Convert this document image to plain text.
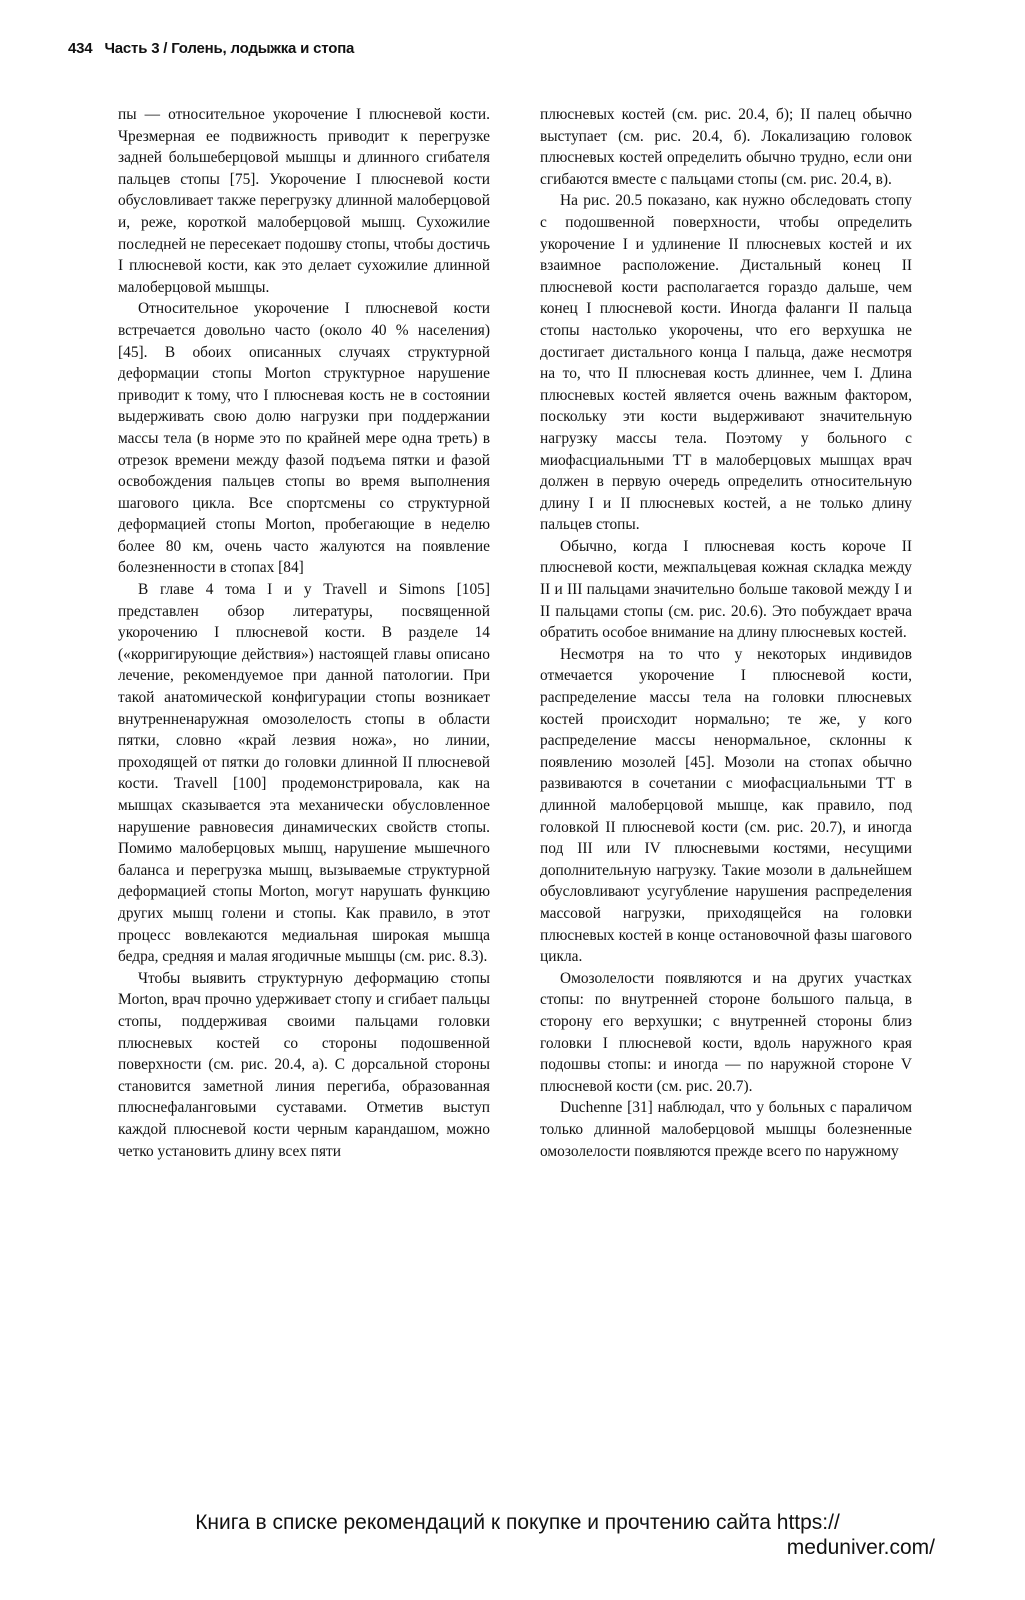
434 Часть 3 / Голень, лодыжка и стопа

пы — относительное укорочение I плюсневой кости. Чрезмерная ее подвижность приводит к перегрузке задней большеберцовой мышцы и длинного сгибателя пальцев стопы [75]. Укорочение I плюсневой кости обусловливает также перегрузку длинной малоберцовой и, реже, короткой малоберцовой мышц. Сухожилие последней не пересекает подошву стопы, чтобы достичь I плюсневой кости, как это делает сухожилие длинной малоберцовой мышцы.

Относительное укорочение I плюсневой кости встречается довольно часто (около 40 % населения) [45]. В обоих описанных случаях структурной деформации стопы Morton структурное нарушение приводит к тому, что I плюсневая кость не в состоянии выдерживать свою долю нагрузки при поддержании массы тела (в норме это по крайней мере одна треть) в отрезок времени между фазой подъема пятки и фазой освобождения пальцев стопы во время выполнения шагового цикла. Все спортсмены со структурной деформацией стопы Morton, пробегающие в неделю более 80 км, очень часто жалуются на появление болезненности в стопах [84]

В главе 4 тома I и у Travell и Simons [105] представлен обзор литературы, посвященной укорочению I плюсневой кости. В разделе 14 («корригирующие действия») настоящей главы описано лечение, рекомендуемое при данной патологии. При такой анатомической конфигурации стопы возникает внутренненаружная омозолелость стопы в области пятки, словно «край лезвия ножа», но линии, проходящей от пятки до головки длинной II плюсневой кости. Travell [100] продемонстрировала, как на мышцах сказывается эта механически обусловленное нарушение равновесия динамических свойств стопы. Помимо малоберцовых мышц, нарушение мышечного баланса и перегрузка мышц, вызываемые структурной деформацией стопы Morton, могут нарушать функцию других мышц голени и стопы. Как правило, в этот процесс вовлекаются медиальная широкая мышца бедра, средняя и малая ягодичные мышцы (см. рис. 8.3).

Чтобы выявить структурную деформацию стопы Morton, врач прочно удерживает стопу и сгибает пальцы стопы, поддерживая своими пальцами головки плюсневых костей со стороны подошвенной поверхности (см. рис. 20.4, а). С дорсальной стороны становится заметной линия перегиба, образованная плюснефаланговыми суставами. Отметив выступ каждой плюсневой кости черным карандашом, можно четко установить длину всех пяти

плюсневых костей (см. рис. 20.4, б); II палец обычно выступает (см. рис. 20.4, б). Локализацию головок плюсневых костей определить обычно трудно, если они сгибаются вместе с пальцами стопы (см. рис. 20.4, в).

На рис. 20.5 показано, как нужно обследовать стопу с подошвенной поверхности, чтобы определить укорочение I и удлинение II плюсневых костей и их взаимное расположение. Дистальный конец II плюсневой кости располагается гораздо дальше, чем конец I плюсневой кости. Иногда фаланги II пальца стопы настолько укорочены, что его верхушка не достигает дистального конца I пальца, даже несмотря на то, что II плюсневая кость длиннее, чем I. Длина плюсневых костей является очень важным фактором, поскольку эти кости выдерживают значительную нагрузку массы тела. Поэтому у больного с миофасциальными ТТ в малоберцовых мышцах врач должен в первую очередь определить относительную длину I и II плюсневых костей, а не только длину пальцев стопы.

Обычно, когда I плюсневая кость короче II плюсневой кости, межпальцевая кожная складка между II и III пальцами значительно больше таковой между I и II пальцами стопы (см. рис. 20.6). Это побуждает врача обратить особое внимание на длину плюсневых костей.

Несмотря на то что у некоторых индивидов отмечается укорочение I плюсневой кости, распределение массы тела на головки плюсневых костей происходит нормально; те же, у кого распределение массы ненормальное, склонны к появлению мозолей [45]. Мозоли на стопах обычно развиваются в сочетании с миофасциальными ТТ в длинной малоберцовой мышце, как правило, под головкой II плюсневой кости (см. рис. 20.7), и иногда под III или IV плюсневыми костями, несущими дополнительную нагрузку. Такие мозоли в дальнейшем обусловливают усугубление нарушения распределения массовой нагрузки, приходящейся на головки плюсневых костей в конце остановочной фазы шагового цикла.

Омозолелости появляются и на других участках стопы: по внутренней стороне большого пальца, в сторону его верхушки; с внутренней стороны близ головки I плюсневой кости, вдоль наружного края подошвы стопы: и иногда — по наружной стороне V плюсневой кости (см. рис. 20.7).

Duchenne [31] наблюдал, что у больных с параличом только длинной малоберцовой мышцы болезненные омозолелости появляются прежде всего по наружному

Книга в списке рекомендаций к покупке и прочтению сайта https://
meduniver.com/
